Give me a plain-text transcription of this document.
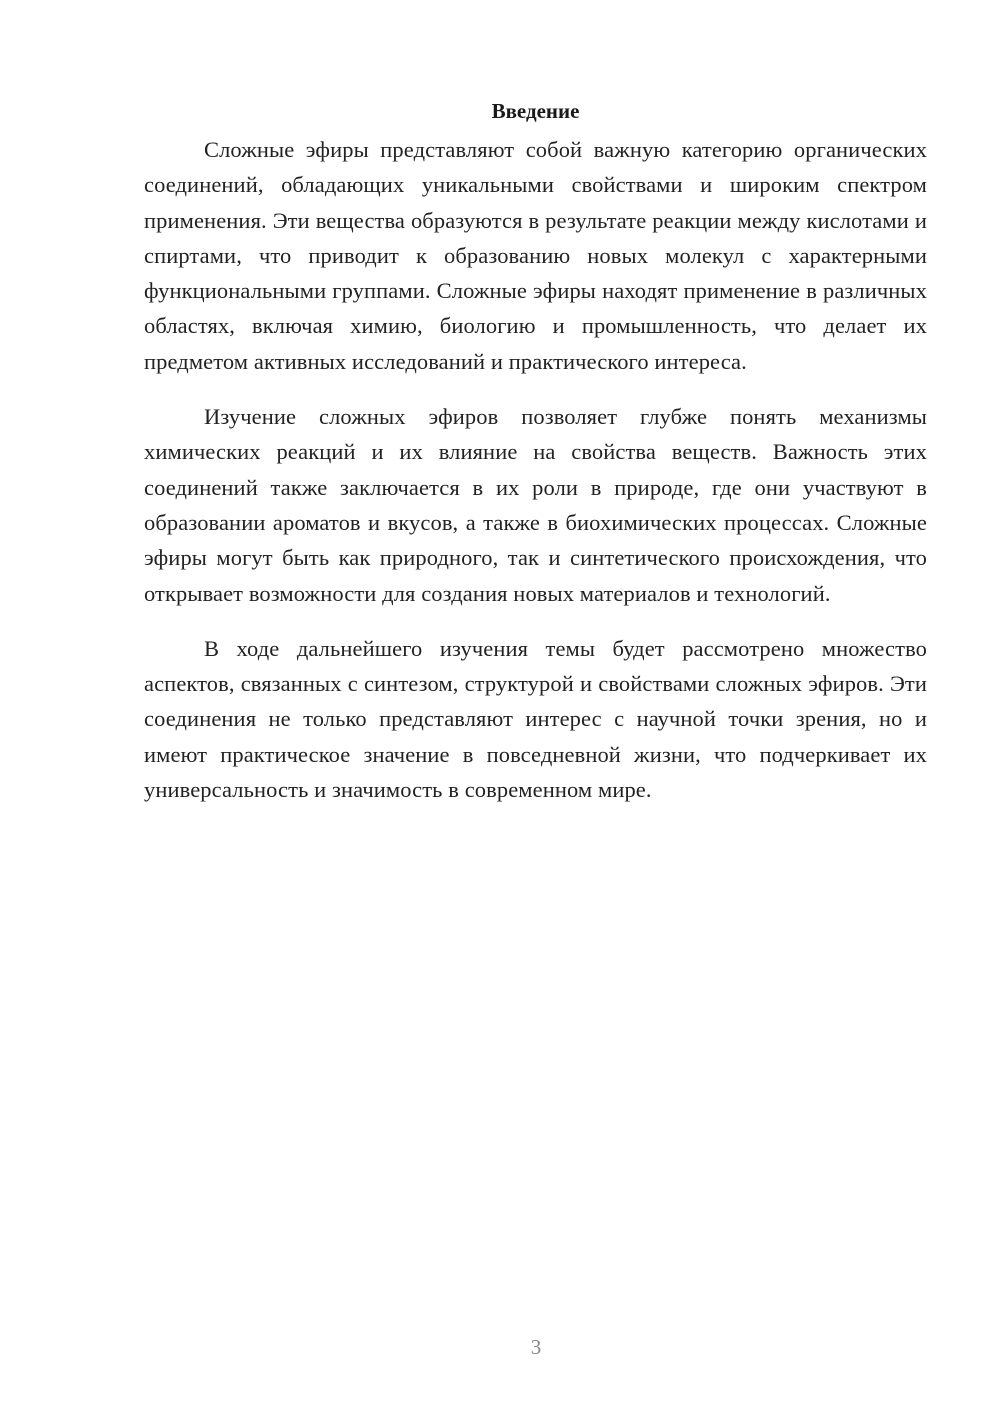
Введение

Сложные эфиры представляют собой важную категорию органических соединений, обладающих уникальными свойствами и широким спектром применения. Эти вещества образуются в результате реакции между кислотами и спиртами, что приводит к образованию новых молекул с характерными функциональными группами. Сложные эфиры находят применение в различных областях, включая химию, биологию и промышленность, что делает их предметом активных исследований и практического интереса.

Изучение сложных эфиров позволяет глубже понять механизмы химических реакций и их влияние на свойства веществ. Важность этих соединений также заключается в их роли в природе, где они участвуют в образовании ароматов и вкусов, а также в биохимических процессах. Сложные эфиры могут быть как природного, так и синтетического происхождения, что открывает возможности для создания новых материалов и технологий.

В ходе дальнейшего изучения темы будет рассмотрено множество аспектов, связанных с синтезом, структурой и свойствами сложных эфиров. Эти соединения не только представляют интерес с научной точки зрения, но и имеют практическое значение в повседневной жизни, что подчеркивает их универсальность и значимость в современном мире.

3
